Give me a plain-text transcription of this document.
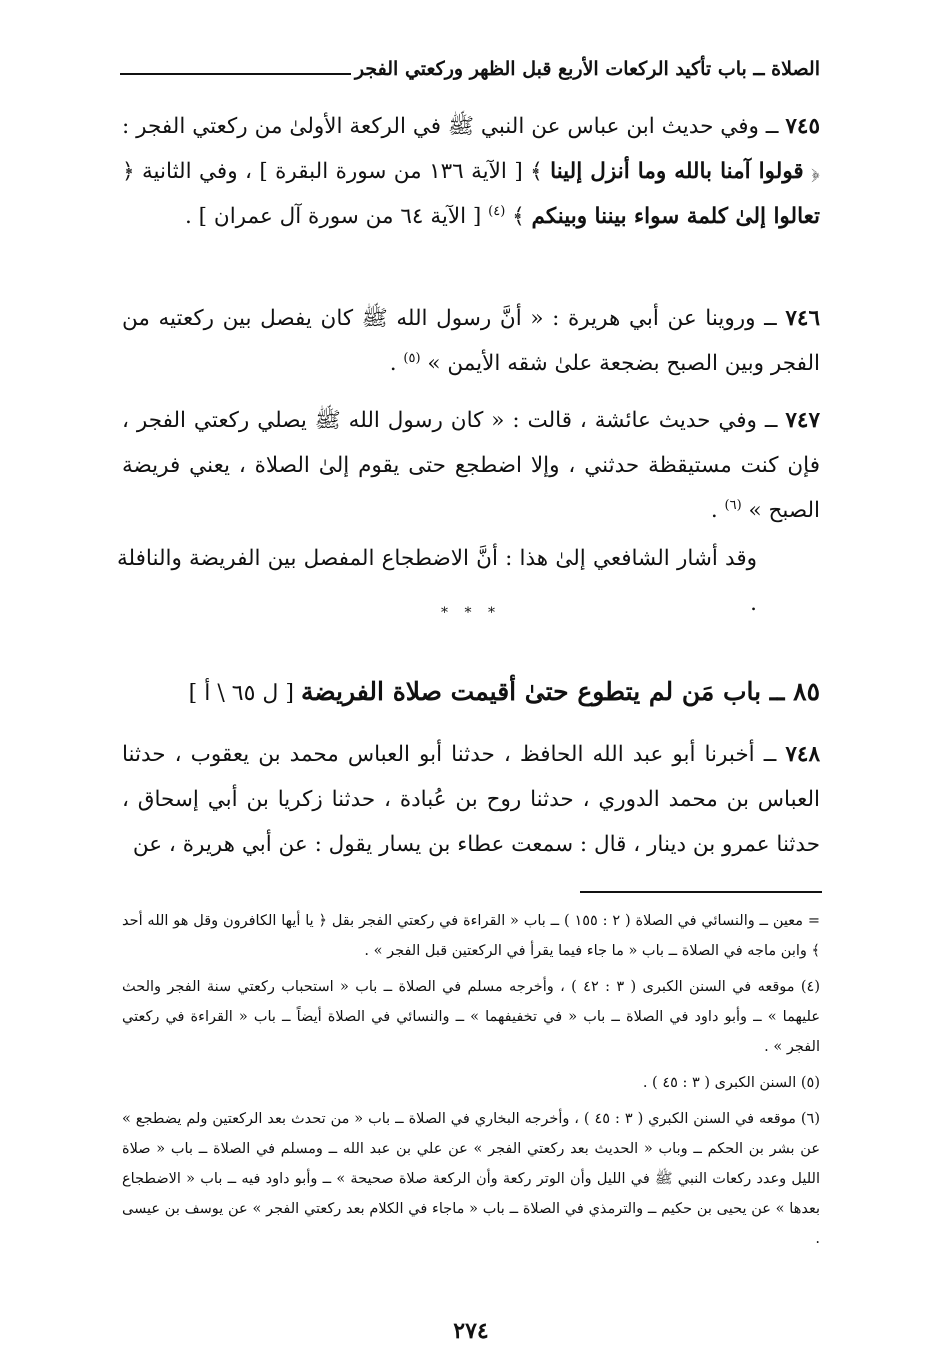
الصلاة ــ باب تأكيد الركعات الأربع قبل الظهر وركعتي الفجر
٧٤٥ ــ وفي حديث ابن عباس عن النبي ﷺ في الركعة الأولىٰ من ركعتي الفجر : ﴿ قولوا آمنا بالله وما أنزل إلينا ﴾ [ الآية ١٣٦ من سورة البقرة ] ، وفي الثانية ﴿ تعالوا إلىٰ كلمة سواء بيننا وبينكم ﴾ $^{(٤)}$ [ الآية ٦٤ من سورة آل عمران ] .
٧٤٦ ــ وروينا عن أبي هريرة : « أنَّ رسول الله ﷺ كان يفصل بين ركعتيه من الفجر وبين الصبح بضجعة علىٰ شقه الأيمن » $^{(٥)}$ .
٧٤٧ ــ وفي حديث عائشة ، قالت : « كان رسول الله ﷺ يصلي ركعتي الفجر ، فإن كنت مستيقظة حدثني ، وإلا اضطجع حتى يقوم إلىٰ الصلاة ، يعني فريضة الصبح » $^{(٦)}$ .
وقد أشار الشافعي إلىٰ هذا : أنَّ الاضطجاع المفصل بين الفريضة والنافلة .
* * *
٨٥ ــ باب مَن لم يتطوع حتىٰ أقيمت صلاة الفريضة [ ل ٦٥ \ أ ]
٧٤٨ ــ أخبرنا أبو عبد الله الحافظ ، حدثنا أبو العباس محمد بن يعقوب ، حدثنا العباس بن محمد الدوري ، حدثنا روح بن عُبادة ، حدثنا زكريا بن أبي إسحاق ، حدثنا عمرو بن دينار ، قال : سمعت عطاء بن يسار يقول : عن أبي هريرة ، عن

= معين ــ والنسائي في الصلاة ( ٢ : ١٥٥ ) ــ باب « القراءة في ركعتي الفجر بقل ﴿ يا أيها الكافرون وقل هو الله أحد ﴾ وابن ماجه في الصلاة ــ باب « ما جاء فيما يقرأ في الركعتين قبل الفجر » .

(٤) موقعه في السنن الكبرى ( ٣ : ٤٢ ) ، وأخرجه مسلم في الصلاة ــ باب « استحباب ركعتي سنة الفجر والحث عليهما » ــ وأبو داود في الصلاة ــ باب « في تخفيفهما » ــ والنسائي في الصلاة أيضاً ــ باب « القراءة في ركعتي الفجر » .

(٥) السنن الكبرى ( ٣ : ٤٥ ) .

(٦) موقعه في السنن الكبري ( ٣ : ٤٥ ) ، وأخرجه البخاري في الصلاة ــ باب « من تحدث بعد الركعتين ولم يضطجع » عن بشر بن الحكم ــ وباب « الحديث بعد ركعتي الفجر » عن علي بن عبد الله ــ ومسلم في الصلاة ــ باب « صلاة الليل وعدد ركعات النبي ﷺ في الليل وأن الوتر ركعة وأن الركعة صلاة صحيحة » ــ وأبو داود فيه ــ باب « الاضطجاع بعدها » عن يحيى بن حكيم ــ والترمذي في الصلاة ــ باب « ماجاء في الكلام بعد ركعتي الفجر » عن يوسف بن عيسى .

٢٧٤
